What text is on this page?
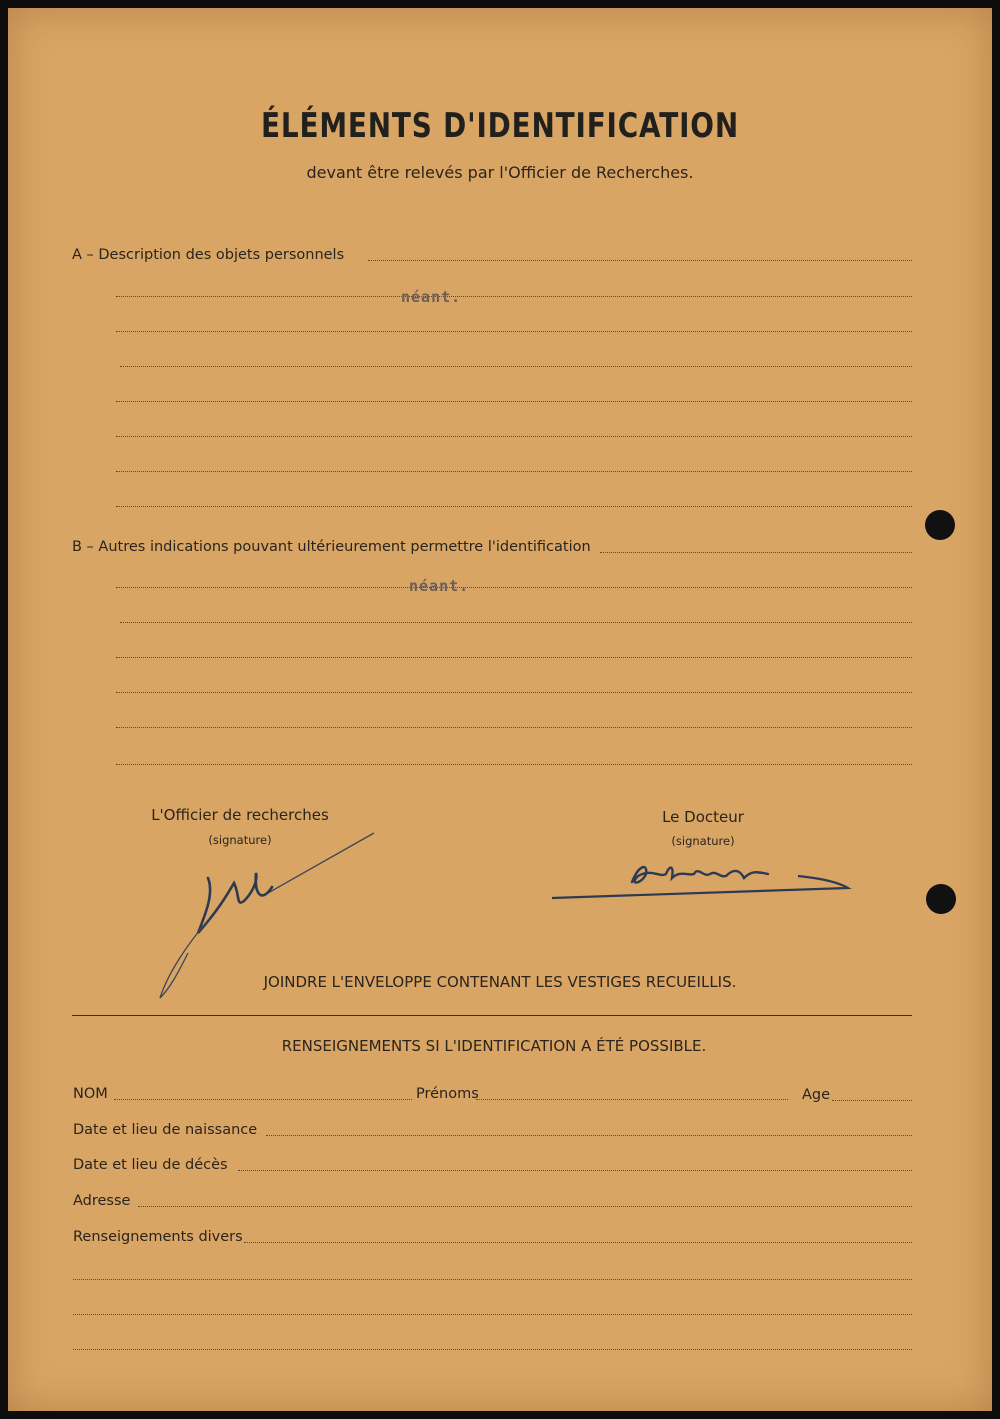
ÉLÉMENTS D'IDENTIFICATION
devant être relevés par l'Officier de Recherches.
A – Description des objets personnels
néant.
B – Autres indications pouvant ultérieurement permettre l'identification
néant.
L'Officier de recherches
(signature)
Le Docteur
(signature)
JOINDRE L'ENVELOPPE CONTENANT LES VESTIGES RECUEILLIS.
RENSEIGNEMENTS SI L'IDENTIFICATION A ÉTÉ POSSIBLE.
NOM	Prénoms	Age
Date et lieu de naissance
Date et lieu de décès
Adresse
Renseignements divers
